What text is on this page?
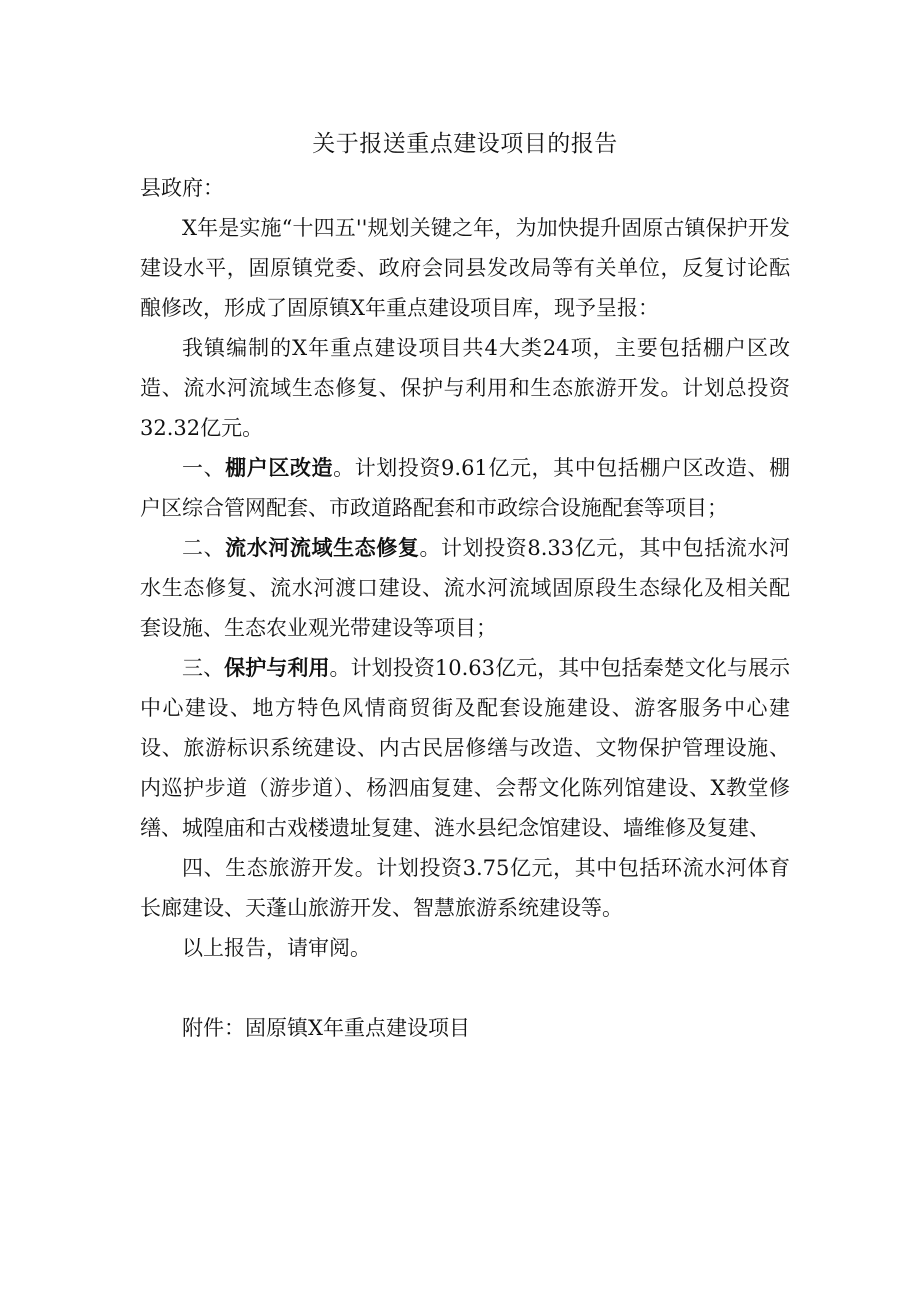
关于报送重点建设项目的报告
县政府：

X年是实施“十四五''规划关键之年，为加快提升固原古镇保护开发建设水平，固原镇党委、政府会同县发改局等有关单位，反复讨论酝酿修改，形成了固原镇X年重点建设项目库，现予呈报：

我镇编制的X年重点建设项目共4大类24项，主要包括棚户区改造、流水河流域生态修复、保护与利用和生态旅游开发。计划总投资32.32亿元。

一、棚户区改造。计划投资9.61亿元，其中包括棚户区改造、棚户区综合管网配套、市政道路配套和市政综合设施配套等项目；

二、流水河流域生态修复。计划投资8.33亿元，其中包括流水河水生态修复、流水河渡口建设、流水河流域固原段生态绿化及相关配套设施、生态农业观光带建设等项目；

三、保护与利用。计划投资10.63亿元，其中包括秦楚文化与展示中心建设、地方特色风情商贸街及配套设施建设、游客服务中心建设、旅游标识系统建设、内古民居修缮与改造、文物保护管理设施、内巡护步道（游步道）、杨泗庙复建、会帮文化陈列馆建设、X教堂修缮、城隍庙和古戏楼遗址复建、涟水县纪念馆建设、墙维修及复建、

四、生态旅游开发。计划投资3.75亿元，其中包括环流水河体育长廊建设、天蓬山旅游开发、智慧旅游系统建设等。

以上报告，请审阅。

附件：固原镇X年重点建设项目
